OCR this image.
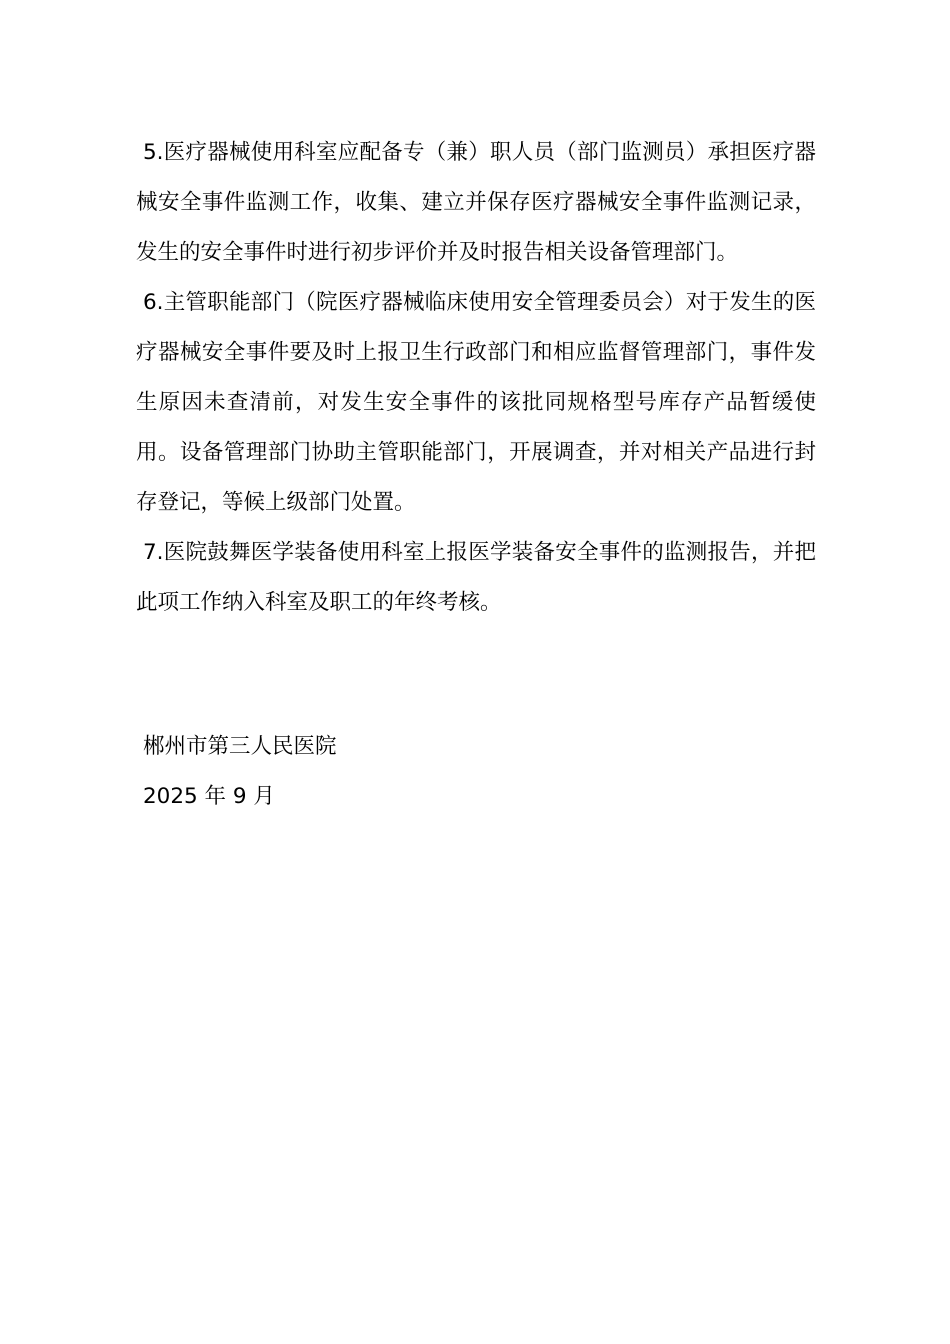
5.医疗器械使用科室应配备专（兼）职人员（部门监测员）承担医疗器械安全事件监测工作，收集、建立并保存医疗器械安全事件监测记录，发生的安全事件时进行初步评价并及时报告相关设备管理部门。

6.主管职能部门（院医疗器械临床使用安全管理委员会）对于发生的医疗器械安全事件要及时上报卫生行政部门和相应监督管理部门，事件发生原因未查清前，对发生安全事件的该批同规格型号库存产品暂缓使用。设备管理部门协助主管职能部门，开展调查，并对相关产品进行封存登记，等候上级部门处置。

7.医院鼓舞医学装备使用科室上报医学装备安全事件的监测报告，并把此项工作纳入科室及职工的年终考核。

郴州市第三人民医院

2025 年 9 月
